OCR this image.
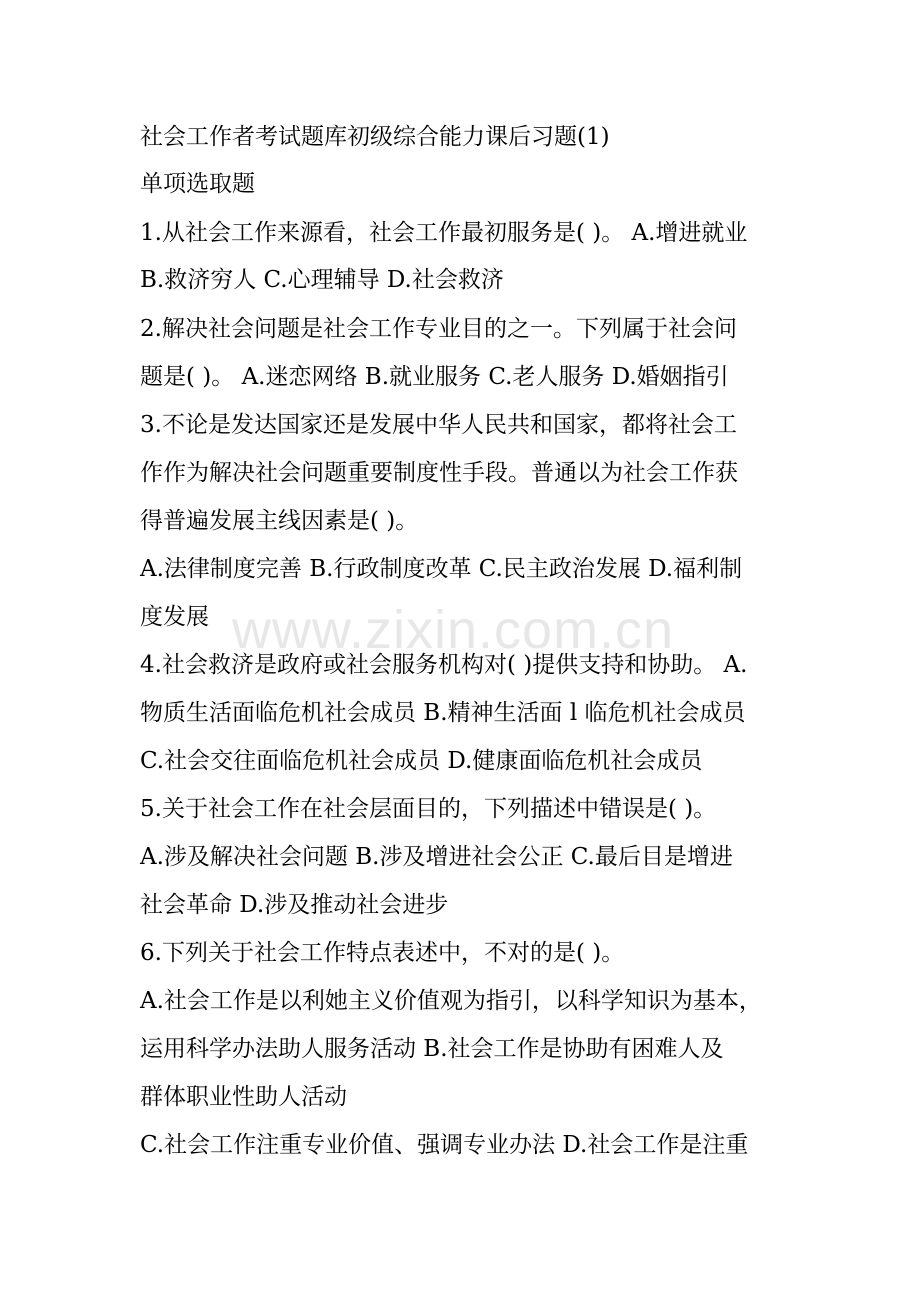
社会工作者考试题库初级综合能力课后习题(1)
单项选取题
1.从社会工作来源看，社会工作最初服务是( )。 A.增进就业
B.救济穷人 C.心理辅导 D.社会救济
2.解决社会问题是社会工作专业目的之一。下列属于社会问
题是( )。 A.迷恋网络 B.就业服务 C.老人服务 D.婚姻指引
3.不论是发达国家还是发展中华人民共和国家，都将社会工
作作为解决社会问题重要制度性手段。普通以为社会工作获
得普遍发展主线因素是( )。
A.法律制度完善 B.行政制度改革 C.民主政治发展 D.福利制
度发展
4.社会救济是政府或社会服务机构对( )提供支持和协助。 A.
物质生活面临危机社会成员 B.精神生活面 l 临危机社会成员
C.社会交往面临危机社会成员 D.健康面临危机社会成员
5.关于社会工作在社会层面目的，下列描述中错误是( )。
A.涉及解决社会问题 B.涉及增进社会公正 C.最后目是增进
社会革命 D.涉及推动社会进步
6.下列关于社会工作特点表述中，不对的是( )。
A.社会工作是以利她主义价值观为指引，以科学知识为基本，
运用科学办法助人服务活动 B.社会工作是协助有困难人及
群体职业性助人活动
C.社会工作注重专业价值、强调专业办法 D.社会工作是注重
www.zixin.com.cn
